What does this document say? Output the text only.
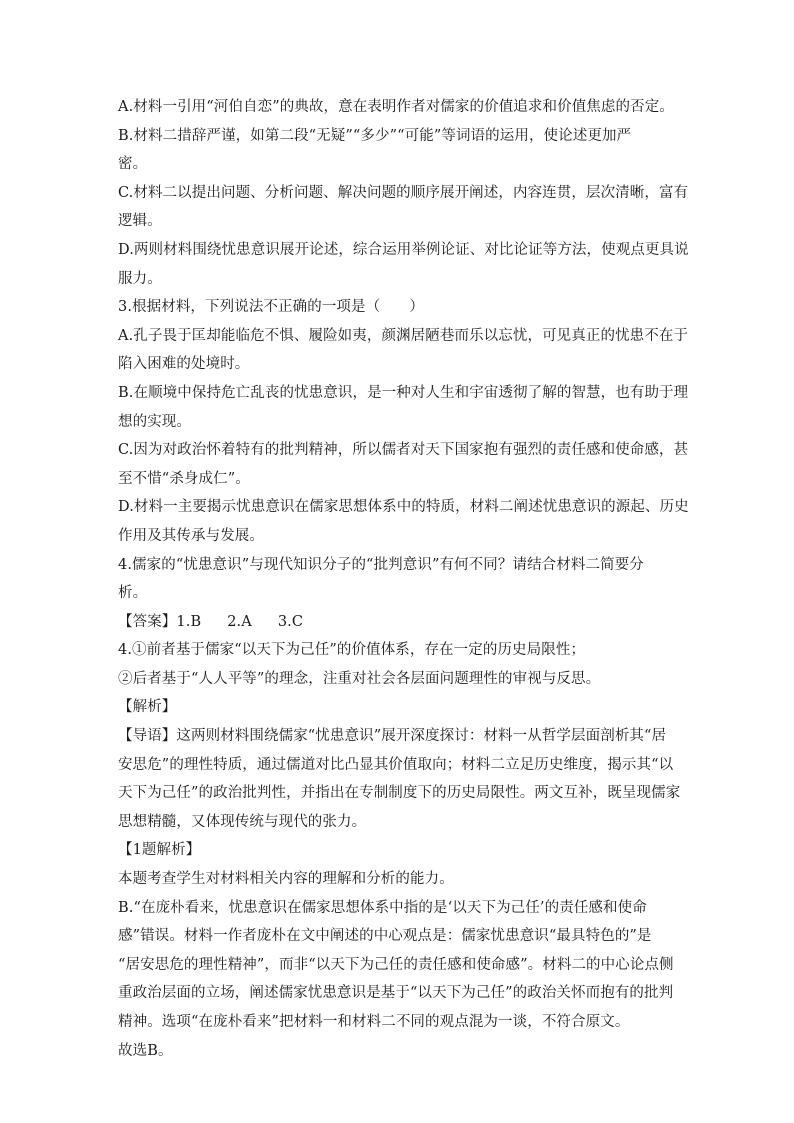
A.材料一引用“河伯自恋”的典故，意在表明作者对儒家的价值追求和价值焦虑的否定。
B.材料二措辞严谨，如第二段“无疑”“多少”“可能”等词语的运用，使论述更加严
密。
C.材料二以提出问题、分析问题、解决问题的顺序展开阐述，内容连贯，层次清晰，富有
逻辑。
D.两则材料围绕忧患意识展开论述，综合运用举例论证、对比论证等方法，使观点更具说
服力。
3.根据材料，下列说法不正确的一项是（　　）
A.孔子畏于匡却能临危不惧、履险如夷，颜渊居陋巷而乐以忘忧，可见真正的忧患不在于
陷入困难的处境时。
B.在顺境中保持危亡乱丧的忧患意识，是一种对人生和宇宙透彻了解的智慧，也有助于理
想的实现。
C.因为对政治怀着特有的批判精神，所以儒者对天下国家抱有强烈的责任感和使命感，甚
至不惜“杀身成仁”。
D.材料一主要揭示忧患意识在儒家思想体系中的特质，材料二阐述忧患意识的源起、历史
作用及其传承与发展。
4.儒家的“忧患意识”与现代知识分子的“批判意识”有何不同？请结合材料二简要分
析。
【答案】1.B 2.A 3.C
4.①前者基于儒家“以天下为己任”的价值体系，存在一定的历史局限性；
②后者基于“人人平等”的理念，注重对社会各层面问题理性的审视与反思。
【解析】
【导语】这两则材料围绕儒家“忧患意识”展开深度探讨：材料一从哲学层面剖析其“居
安思危”的理性特质，通过儒道对比凸显其价值取向；材料二立足历史维度，揭示其“以
天下为己任”的政治批判性，并指出在专制制度下的历史局限性。两文互补，既呈现儒家
思想精髓，又体现传统与现代的张力。
【1题解析】
本题考查学生对材料相关内容的理解和分析的能力。
B.“在庞朴看来，忧患意识在儒家思想体系中指的是‘以天下为己任’的责任感和使命
感”错误。材料一作者庞朴在文中阐述的中心观点是：儒家忧患意识“最具特色的”是
“居安思危的理性精神”，而非“以天下为己任的责任感和使命感”。材料二的中心论点侧
重政治层面的立场，阐述儒家忧患意识是基于“以天下为己任”的政治关怀而抱有的批判
精神。选项“在庞朴看来”把材料一和材料二不同的观点混为一谈，不符合原文。
故选B。
